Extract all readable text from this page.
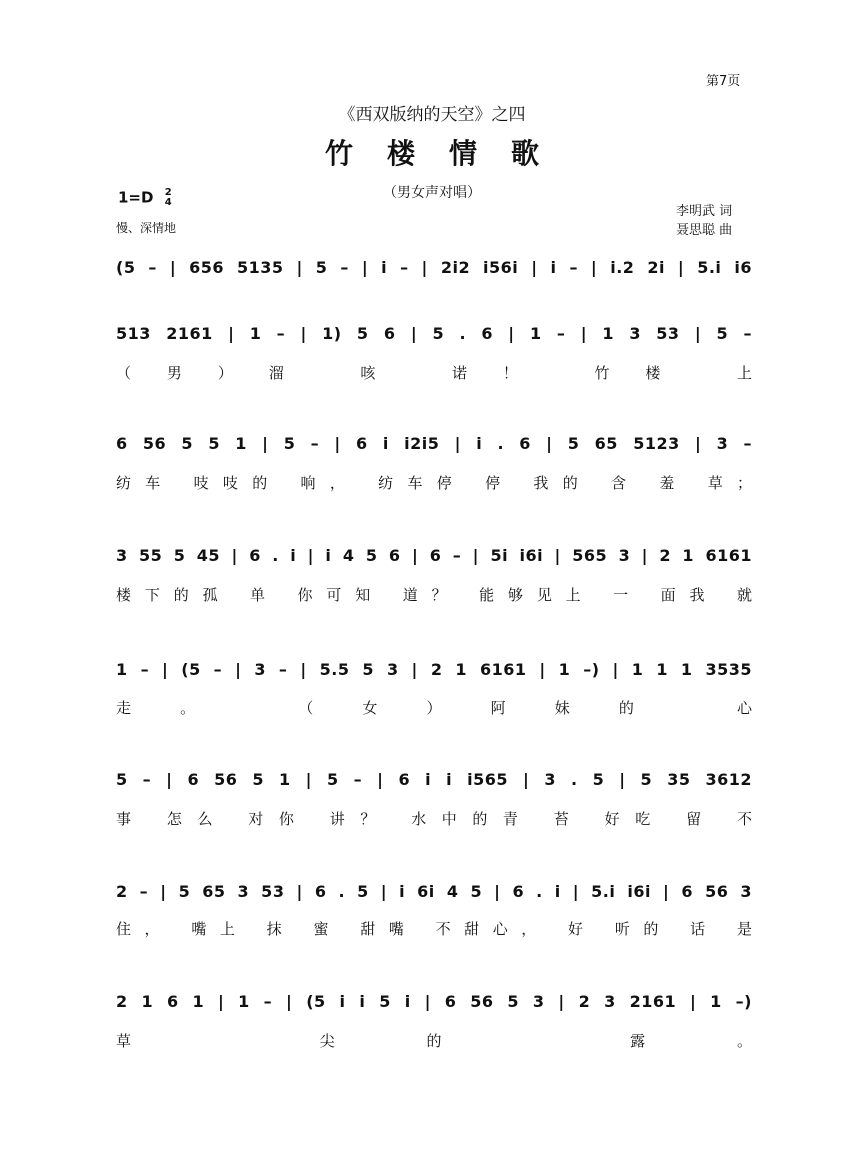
第7页
《西双版纳的天空》之四
竹楼情歌
（男女声对唱）
1=D 2
4
慢、深情地
李明武 词
聂思聪 曲
(5 – | 656 5135 | 5 – | i – | 2i2 i56i | i – | i.2 2i | 5.i i6
513 2161 | 1 – | 1) 5 6 | 5 . 6 | 1 – | 1 3 53 | 5 –
（男）溜 咳 诺！ 竹楼 上
6 56 5 5 1 | 5 – | 6 i i2i5 | i . 6 | 5 65 5123 | 3 –
纺车 吱吱的 响， 纺车停 停 我的 含 羞 草；
3 55 5 45 | 6 . i | i 4 5 6 | 6 – | 5i i6i | 565 3 | 2 1 6161
楼下的孤 单 你可知 道？ 能够见上 一 面我 就
1 – | (5 – | 3 – | 5.5 5 3 | 2 1 6161 | 1 –) | 1 1 1 3535
走。 （女）阿妹的 心
5 – | 6 56 5 1 | 5 – | 6 i i i565 | 3 . 5 | 5 35 3612
事 怎么 对你 讲？ 水中的青 苔 好吃 留 不
2 – | 5 65 3 53 | 6 . 5 | i 6i 4 5 | 6 . i | 5.i i6i | 6 56 3
住， 嘴上 抹 蜜 甜嘴 不甜心， 好 听的 话 是
2 1 6 1 | 1 – | (5 i i 5 i | 6 56 5 3 | 2 3 2161 | 1 –)
草 尖的 露。
